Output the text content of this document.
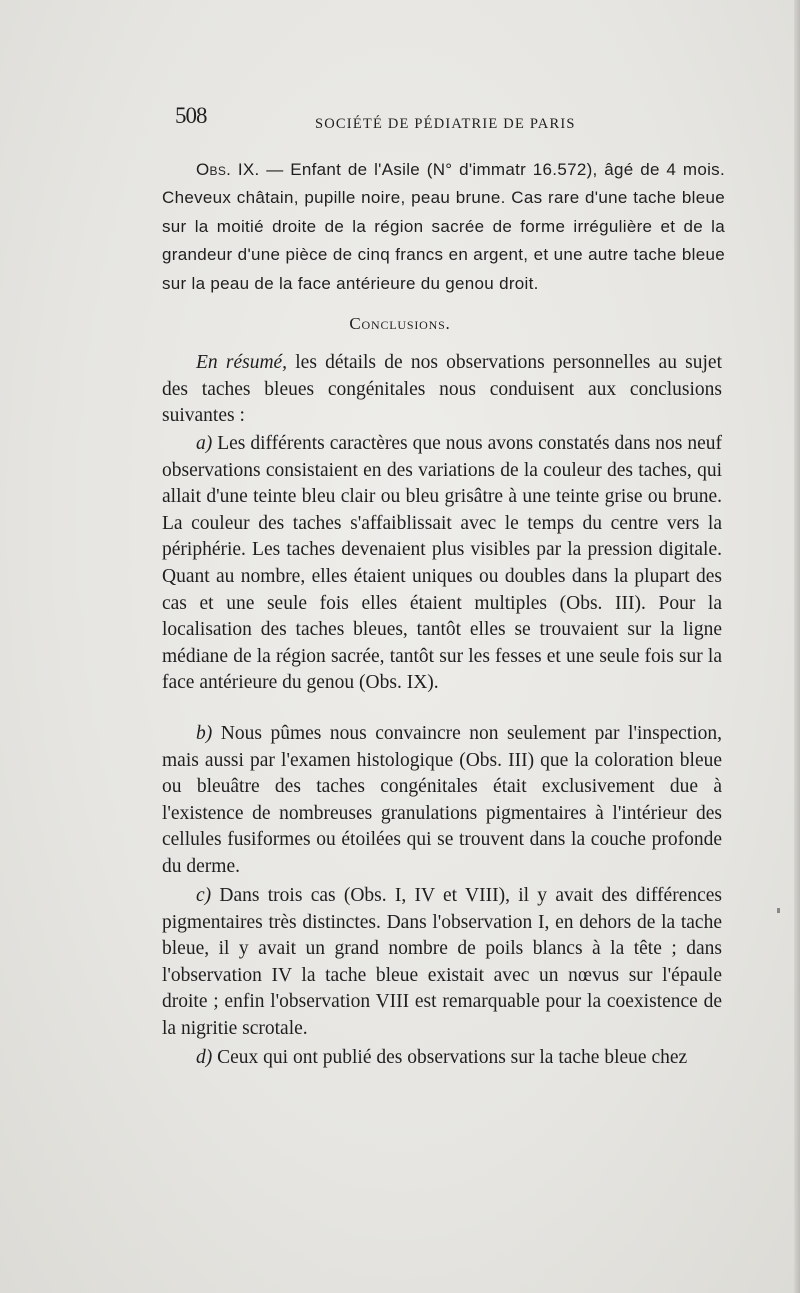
508	SOCIÉTÉ DE PÉDIATRIE DE PARIS

Obs. IX. — Enfant de l'Asile (N° d'immatr 16.572), âgé de 4 mois. Cheveux châtain, pupille noire, peau brune. Cas rare d'une tache bleue sur la moitié droite de la région sacrée de forme irrégulière et de la grandeur d'une pièce de cinq francs en argent, et une autre tache bleue sur la peau de la face antérieure du genou droit.

Conclusions.

En résumé, les détails de nos observations personnelles au sujet des taches bleues congénitales nous conduisent aux conclusions suivantes :

a) Les différents caractères que nous avons constatés dans nos neuf observations consistaient en des variations de la couleur des taches, qui allait d'une teinte bleu clair ou bleu grisâtre à une teinte grise ou brune. La couleur des taches s'affaiblissait avec le temps du centre vers la périphérie. Les taches devenaient plus visibles par la pression digitale. Quant au nombre, elles étaient uniques ou doubles dans la plupart des cas et une seule fois elles étaient multiples (Obs. III). Pour la localisation des taches bleues, tantôt elles se trouvaient sur la ligne médiane de la région sacrée, tantôt sur les fesses et une seule fois sur la face antérieure du genou (Obs. IX).

b) Nous pûmes nous convaincre non seulement par l'inspection, mais aussi par l'examen histologique (Obs. III) que la coloration bleue ou bleuâtre des taches congénitales était exclusivement due à l'existence de nombreuses granulations pigmentaires à l'intérieur des cellules fusiformes ou étoilées qui se trouvent dans la couche profonde du derme.

c) Dans trois cas (Obs. I, IV et VIII), il y avait des différences pigmentaires très distinctes. Dans l'observation I, en dehors de la tache bleue, il y avait un grand nombre de poils blancs à la tête ; dans l'observation IV la tache bleue existait avec un nœvus sur l'épaule droite ; enfin l'observation VIII est remarquable pour la coexistence de la nigritie scrotale.

d) Ceux qui ont publié des observations sur la tache bleue chez
